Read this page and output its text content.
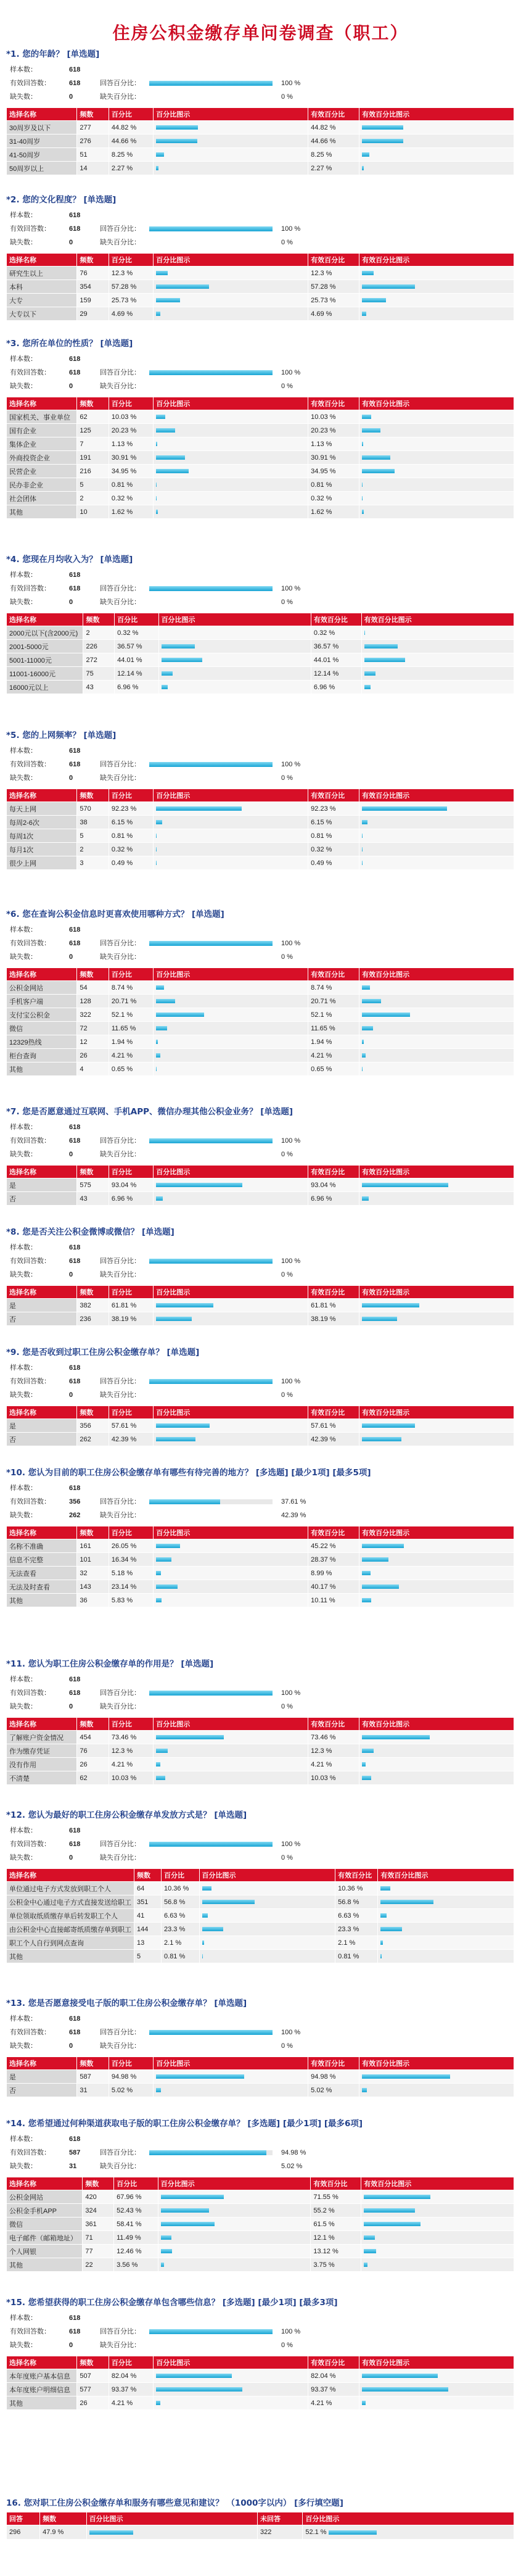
住房公积金缴存单问卷调查（职工）
*1. 您的年龄？ [单选题]
样本数：	618
有效回答数：	618	回答百分比：	100 %
缺失数：	0	缺失百分比：	0 %
选择名称	频数	百分比	百分比图示	有效百分比	有效百分比图示
30周岁及以下	277	44.82 %		44.82 %	

31-40周岁	276	44.66 %		44.66 %	

41-50周岁	51	8.25 %		8.25 %	

50周岁以上	14	2.27 %		2.27 %	
*2. 您的文化程度？ [单选题]
样本数：	618
有效回答数：	618	回答百分比：	100 %
缺失数：	0	缺失百分比：	0 %
选择名称	频数	百分比	百分比图示	有效百分比	有效百分比图示
研究生以上	76	12.3 %		12.3 %	

本科	354	57.28 %		57.28 %	

大专	159	25.73 %		25.73 %	

大专以下	29	4.69 %		4.69 %	
*3. 您所在单位的性质？ [单选题]
样本数：	618
有效回答数：	618	回答百分比：	100 %
缺失数：	0	缺失百分比：	0 %
选择名称	频数	百分比	百分比图示	有效百分比	有效百分比图示
国家机关、事业单位	62	10.03 %		10.03 %	

国有企业	125	20.23 %		20.23 %	

集体企业	7	1.13 %		1.13 %	

外商投资企业	191	30.91 %		30.91 %	

民营企业	216	34.95 %		34.95 %	

民办非企业	5	0.81 %		0.81 %	

社会团体	2	0.32 %		0.32 %	

其他	10	1.62 %		1.62 %	
*4. 您现在月均收入为？ [单选题]
样本数：	618
有效回答数：	618	回答百分比：	100 %
缺失数：	0	缺失百分比：	0 %
选择名称	频数	百分比	百分比图示	有效百分比	有效百分比图示
2000元以下(含2000元)	2	0.32 %		0.32 %	

2001-5000元	226	36.57 %		36.57 %	

5001-11000元	272	44.01 %		44.01 %	

11001-16000元	75	12.14 %		12.14 %	

16000元以上	43	6.96 %		6.96 %	
*5. 您的上网频率？ [单选题]
样本数：	618
有效回答数：	618	回答百分比：	100 %
缺失数：	0	缺失百分比：	0 %
选择名称	频数	百分比	百分比图示	有效百分比	有效百分比图示
每天上网	570	92.23 %		92.23 %	

每周2-6次	38	6.15 %		6.15 %	

每周1次	5	0.81 %		0.81 %	

每月1次	2	0.32 %		0.32 %	

很少上网	3	0.49 %		0.49 %	
*6. 您在查询公积金信息时更喜欢使用哪种方式？ [单选题]
样本数：	618
有效回答数：	618	回答百分比：	100 %
缺失数：	0	缺失百分比：	0 %
选择名称	频数	百分比	百分比图示	有效百分比	有效百分比图示
公积金网站	54	8.74 %		8.74 %	

手机客户端	128	20.71 %		20.71 %	

支付宝公积金	322	52.1 %		52.1 %	

微信	72	11.65 %		11.65 %	

12329热线	12	1.94 %		1.94 %	

柜台查询	26	4.21 %		4.21 %	

其他	4	0.65 %		0.65 %	
*7. 您是否愿意通过互联网、手机APP、微信办理其他公积金业务？ [单选题]
样本数：	618
有效回答数：	618	回答百分比：	100 %
缺失数：	0	缺失百分比：	0 %
选择名称	频数	百分比	百分比图示	有效百分比	有效百分比图示
是	575	93.04 %		93.04 %	

否	43	6.96 %		6.96 %	
*8. 您是否关注公积金微博或微信？ [单选题]
样本数：	618
有效回答数：	618	回答百分比：	100 %
缺失数：	0	缺失百分比：	0 %
选择名称	频数	百分比	百分比图示	有效百分比	有效百分比图示
是	382	61.81 %		61.81 %	

否	236	38.19 %		38.19 %	
*9. 您是否收到过职工住房公积金缴存单？ [单选题]
样本数：	618
有效回答数：	618	回答百分比：	100 %
缺失数：	0	缺失百分比：	0 %
选择名称	频数	百分比	百分比图示	有效百分比	有效百分比图示
是	356	57.61 %		57.61 %	

否	262	42.39 %		42.39 %	
*10. 您认为目前的职工住房公积金缴存单有哪些有待完善的地方？ [多选题] [最少1项] [最多5项]
样本数：	618
有效回答数：	356	回答百分比：	37.61 %
缺失数：	262	缺失百分比：	42.39 %
选择名称	频数	百分比	百分比图示	有效百分比	有效百分比图示
名称不准确	161	26.05 %		45.22 %	

信息不完整	101	16.34 %		28.37 %	

无法查看	32	5.18 %		8.99 %	

无法及时查看	143	23.14 %		40.17 %	

其他	36	5.83 %		10.11 %	
*11. 您认为职工住房公积金缴存单的作用是？ [单选题]
样本数：	618
有效回答数：	618	回答百分比：	100 %
缺失数：	0	缺失百分比：	0 %
选择名称	频数	百分比	百分比图示	有效百分比	有效百分比图示
了解账户资金情况	454	73.46 %		73.46 %	

作为缴存凭证	76	12.3 %		12.3 %	

没有作用	26	4.21 %		4.21 %	

不清楚	62	10.03 %		10.03 %	
*12. 您认为最好的职工住房公积金缴存单发放方式是？ [单选题]
样本数：	618
有效回答数：	618	回答百分比：	100 %
缺失数：	0	缺失百分比：	0 %
选择名称	频数	百分比	百分比图示	有效百分比	有效百分比图示
单位通过电子方式发放到职工个人	64	10.36 %		10.36 %	

公积金中心通过电子方式直接发送给职工	351	56.8 %		56.8 %	

单位领取纸质缴存单后转发职工个人	41	6.63 %		6.63 %	

由公积金中心直接邮寄纸质缴存单到职工	144	23.3 %		23.3 %	

职工个人自行到网点查询	13	2.1 %		2.1 %	

其他	5	0.81 %		0.81 %	
*13. 您是否愿意接受电子版的职工住房公积金缴存单？ [单选题]
样本数：	618
有效回答数：	618	回答百分比：	100 %
缺失数：	0	缺失百分比：	0 %
选择名称	频数	百分比	百分比图示	有效百分比	有效百分比图示
是	587	94.98 %		94.98 %	

否	31	5.02 %		5.02 %	
*14. 您希望通过何种渠道获取电子版的职工住房公积金缴存单？ [多选题] [最少1项] [最多6项]
样本数：	618
有效回答数：	587	回答百分比：	94.98 %
缺失数：	31	缺失百分比：	5.02 %
选择名称	频数	百分比	百分比图示	有效百分比	有效百分比图示
公积金网站	420	67.96 %		71.55 %	

公积金手机APP	324	52.43 %		55.2 %	

微信	361	58.41 %		61.5 %	

电子邮件（邮箱地址）	71	11.49 %		12.1 %	

个人网银	77	12.46 %		13.12 %	

其他	22	3.56 %		3.75 %	
*15. 您希望获得的职工住房公积金缴存单包含哪些信息？ [多选题] [最少1项] [最多3项]
样本数：	618
有效回答数：	618	回答百分比：	100 %
缺失数：	0	缺失百分比：	0 %
选择名称	频数	百分比	百分比图示	有效百分比	有效百分比图示
本年度账户基本信息	507	82.04 %		82.04 %	

本年度账户明细信息	577	93.37 %		93.37 %	

其他	26	4.21 %		4.21 %	
16. 您对职工住房公积金缴存单和服务有哪些意见和建议？ （1000字以内） [多行填空题]
回答	频数	百分比图示	未回答	百分比图示
296	47.9 %		322	52.1 %
